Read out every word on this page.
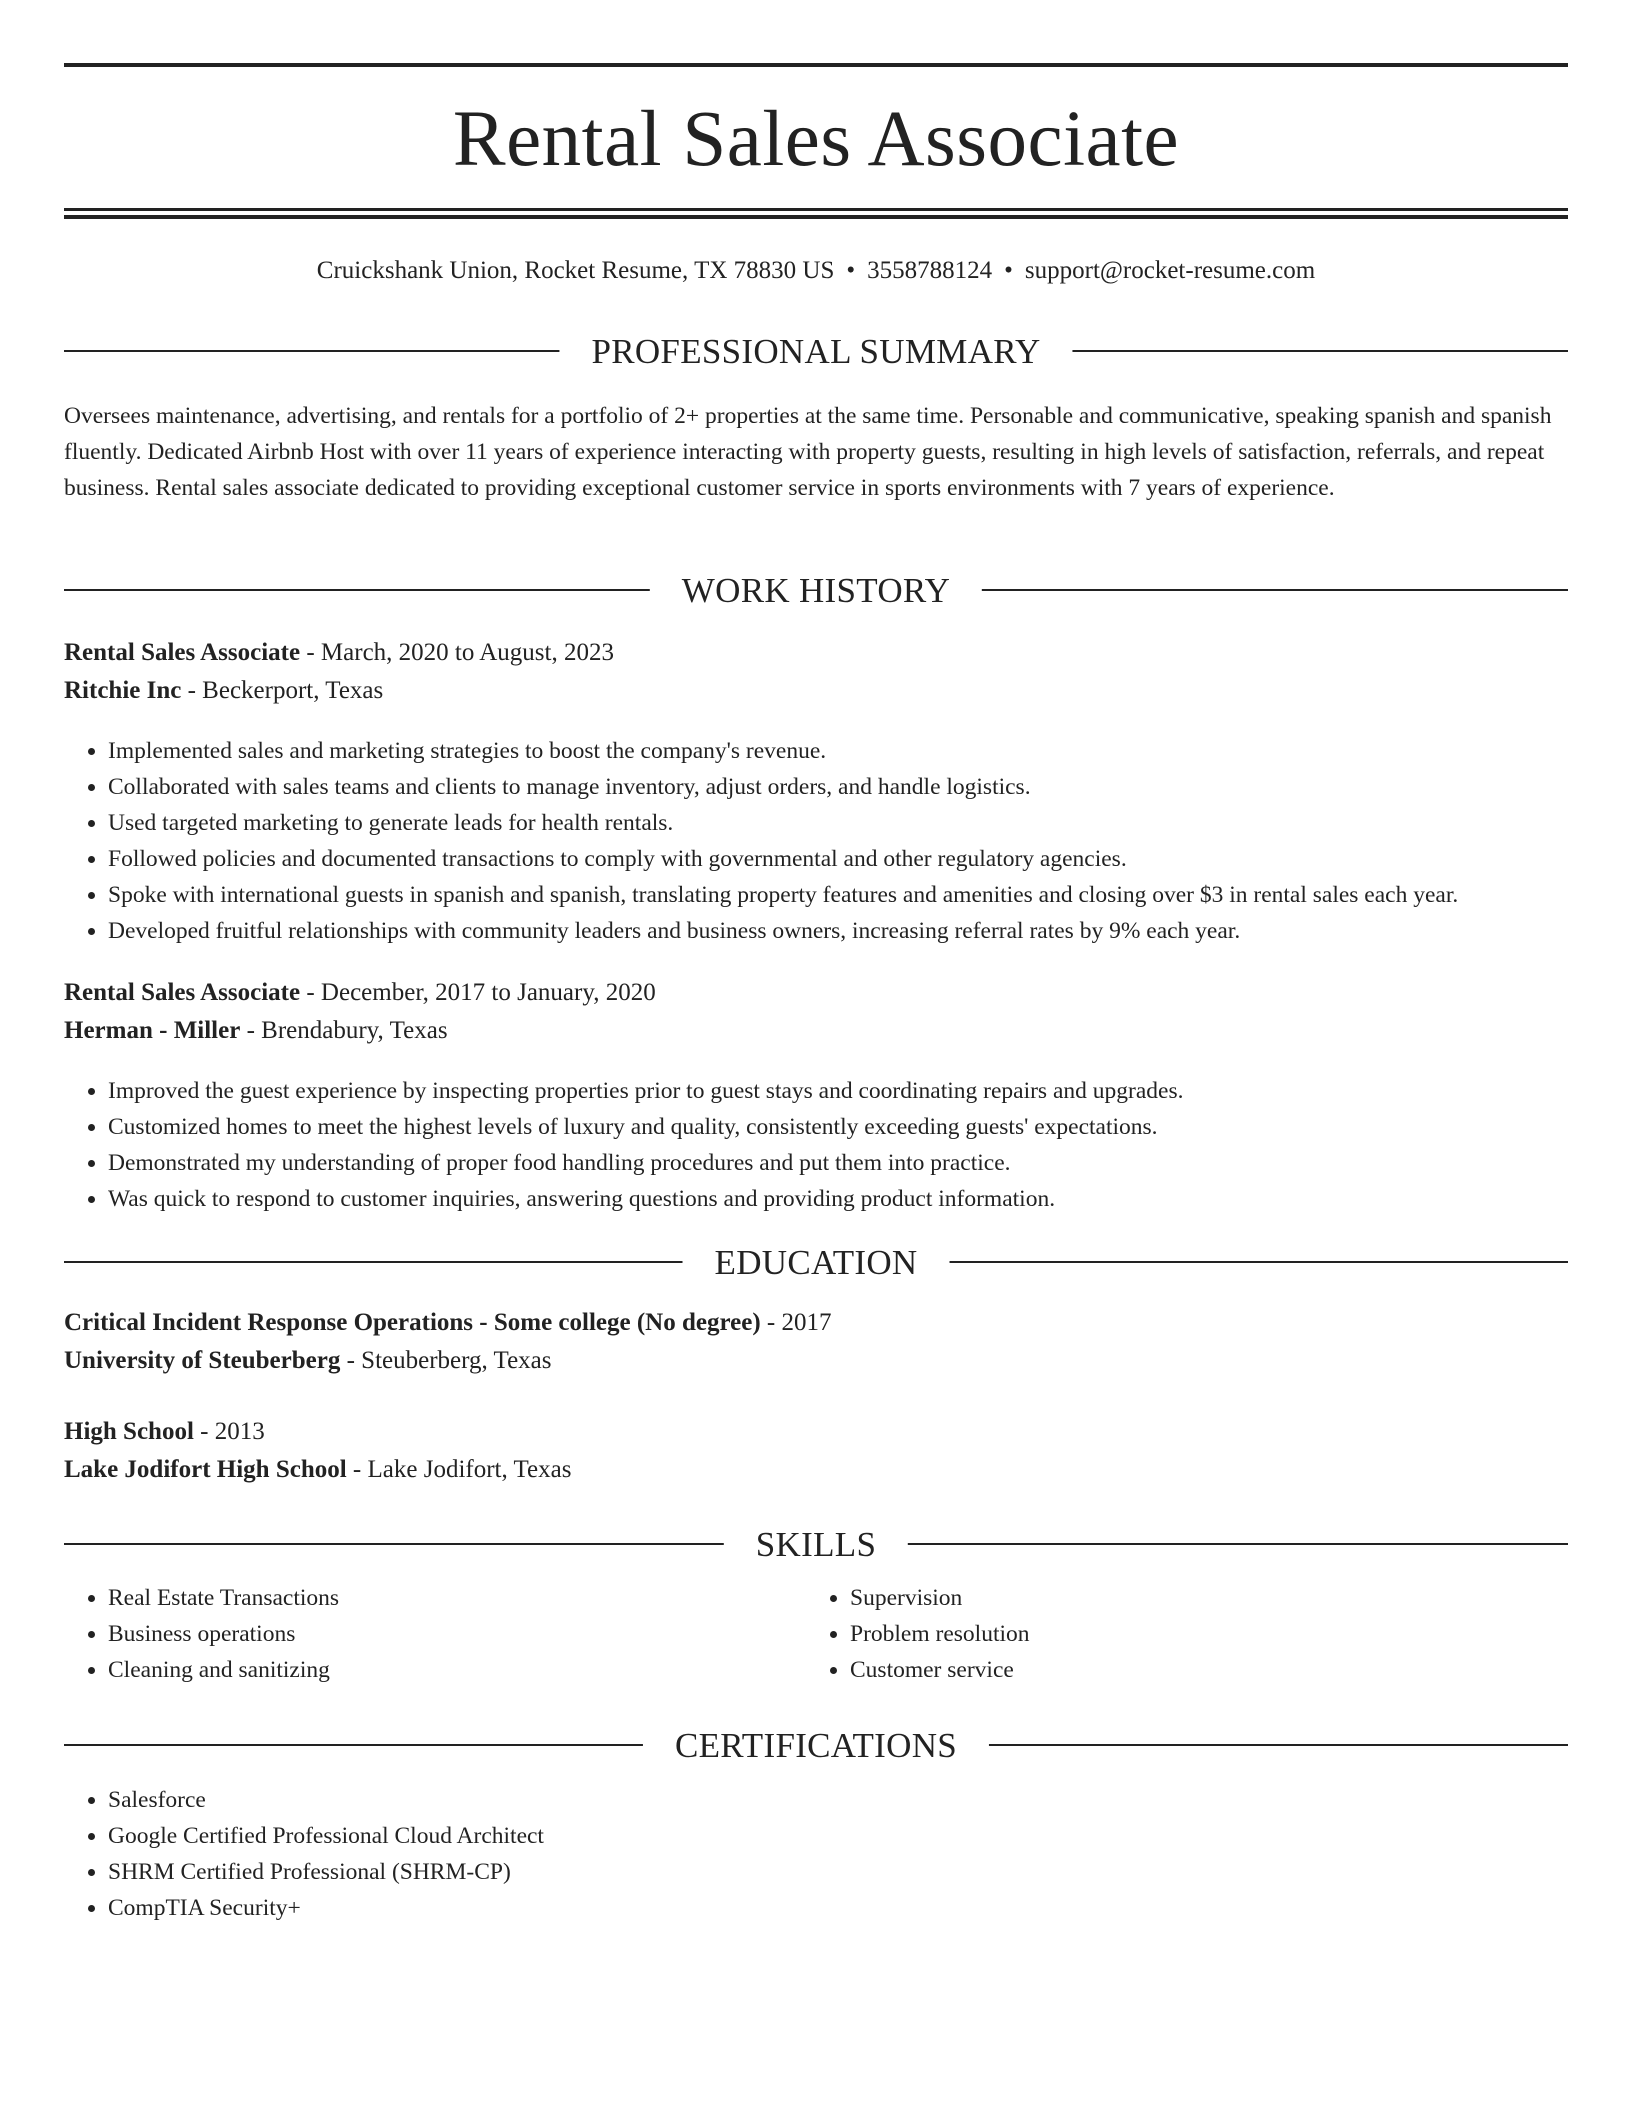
Rental Sales Associate
Cruickshank Union, Rocket Resume, TX 78830 US • 3558788124 • support@rocket-resume.com
PROFESSIONAL SUMMARY

Oversees maintenance, advertising, and rentals for a portfolio of 2+ properties at the same time. Personable and communicative, speaking spanish and spanish fluently. Dedicated Airbnb Host with over 11 years of experience interacting with property guests, resulting in high levels of satisfaction, referrals, and repeat business. Rental sales associate dedicated to providing exceptional customer service in sports environments with 7 years of experience.

WORK HISTORY
Rental Sales Associate - March, 2020 to August, 2023
Ritchie Inc - Beckerport, Texas
• Implemented sales and marketing strategies to boost the company's revenue.
• Collaborated with sales teams and clients to manage inventory, adjust orders, and handle logistics.
• Used targeted marketing to generate leads for health rentals.
• Followed policies and documented transactions to comply with governmental and other regulatory agencies.
• Spoke with international guests in spanish and spanish, translating property features and amenities and closing over $3 in rental sales each year.
• Developed fruitful relationships with community leaders and business owners, increasing referral rates by 9% each year.
Rental Sales Associate - December, 2017 to January, 2020
Herman - Miller - Brendabury, Texas
• Improved the guest experience by inspecting properties prior to guest stays and coordinating repairs and upgrades.
• Customized homes to meet the highest levels of luxury and quality, consistently exceeding guests' expectations.
• Demonstrated my understanding of proper food handling procedures and put them into practice.
• Was quick to respond to customer inquiries, answering questions and providing product information.
EDUCATION
Critical Incident Response Operations - Some college (No degree) - 2017
University of Steuberberg - Steuberberg, Texas
High School - 2013
Lake Jodifort High School - Lake Jodifort, Texas
SKILLS
• Real Estate Transactions
• Business operations
• Cleaning and sanitizing
• Supervision
• Problem resolution
• Customer service
CERTIFICATIONS
• Salesforce
• Google Certified Professional Cloud Architect
• SHRM Certified Professional (SHRM-CP)
• CompTIA Security+
